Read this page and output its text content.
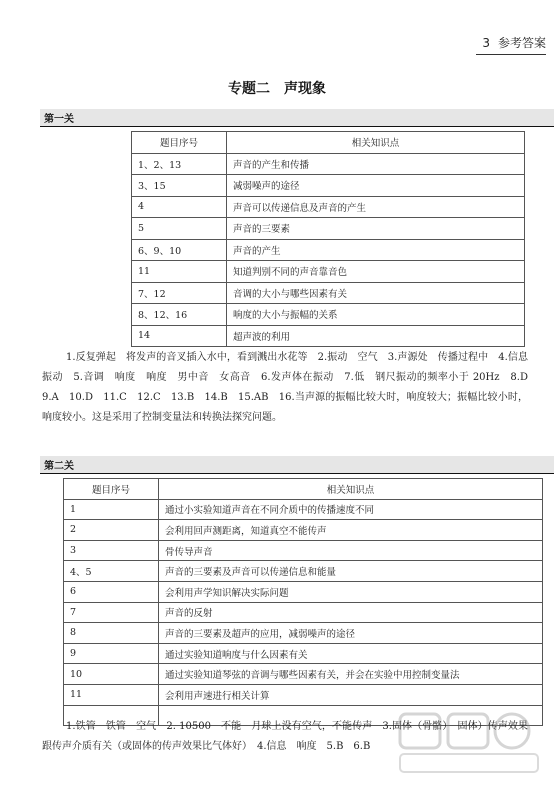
3 参考答案
专题二　声现象
第一关
题目序号	相关知识点
1、2、13	声音的产生和传播
3、15	减弱噪声的途径
4	声音可以传递信息及声音的产生
5	声音的三要素
6、9、10	声音的产生
11	知道判别不同的声音靠音色
7、12	音调的大小与哪些因素有关
8、12、16	响度的大小与振幅的关系
14	超声波的利用
1.反复弹起　将发声的音叉插入水中，看到溅出水花等　2.振动　空气　3.声源处　传播过程中　4.信息　振动　5.音调　响度　响度　男中音　女高音　6.发声体在振动　7.低　钢尺振动的频率小于 20Hz　8.D　9.A　10.D　11.C　12.C　13.B　14.B　15.AB　16.当声源的振幅比较大时，响度较大；振幅比较小时，响度较小。这是采用了控制变量法和转换法探究问题。
第二关
题目序号	相关知识点
1	通过小实验知道声音在不同介质中的传播速度不同
2	会利用回声测距离，知道真空不能传声
3	骨传导声音
4、5	声音的三要素及声音可以传递信息和能量
6	会利用声学知识解决实际问题
7	声音的反射
8	声音的三要素及超声的应用，减弱噪声的途径
9	通过实验知道响度与什么因素有关
10	通过实验知道琴弦的音调与哪些因素有关，并会在实验中用控制变量法
11	会利用声速进行相关计算

1.铁管　铁管　空气　2. 10500　不能　月球上没有空气，不能传声　3.固体（骨骼）　固体）传声效果跟传声介质有关（或固体的传声效果比气体好）　4.信息　响度　5.B　6.B
